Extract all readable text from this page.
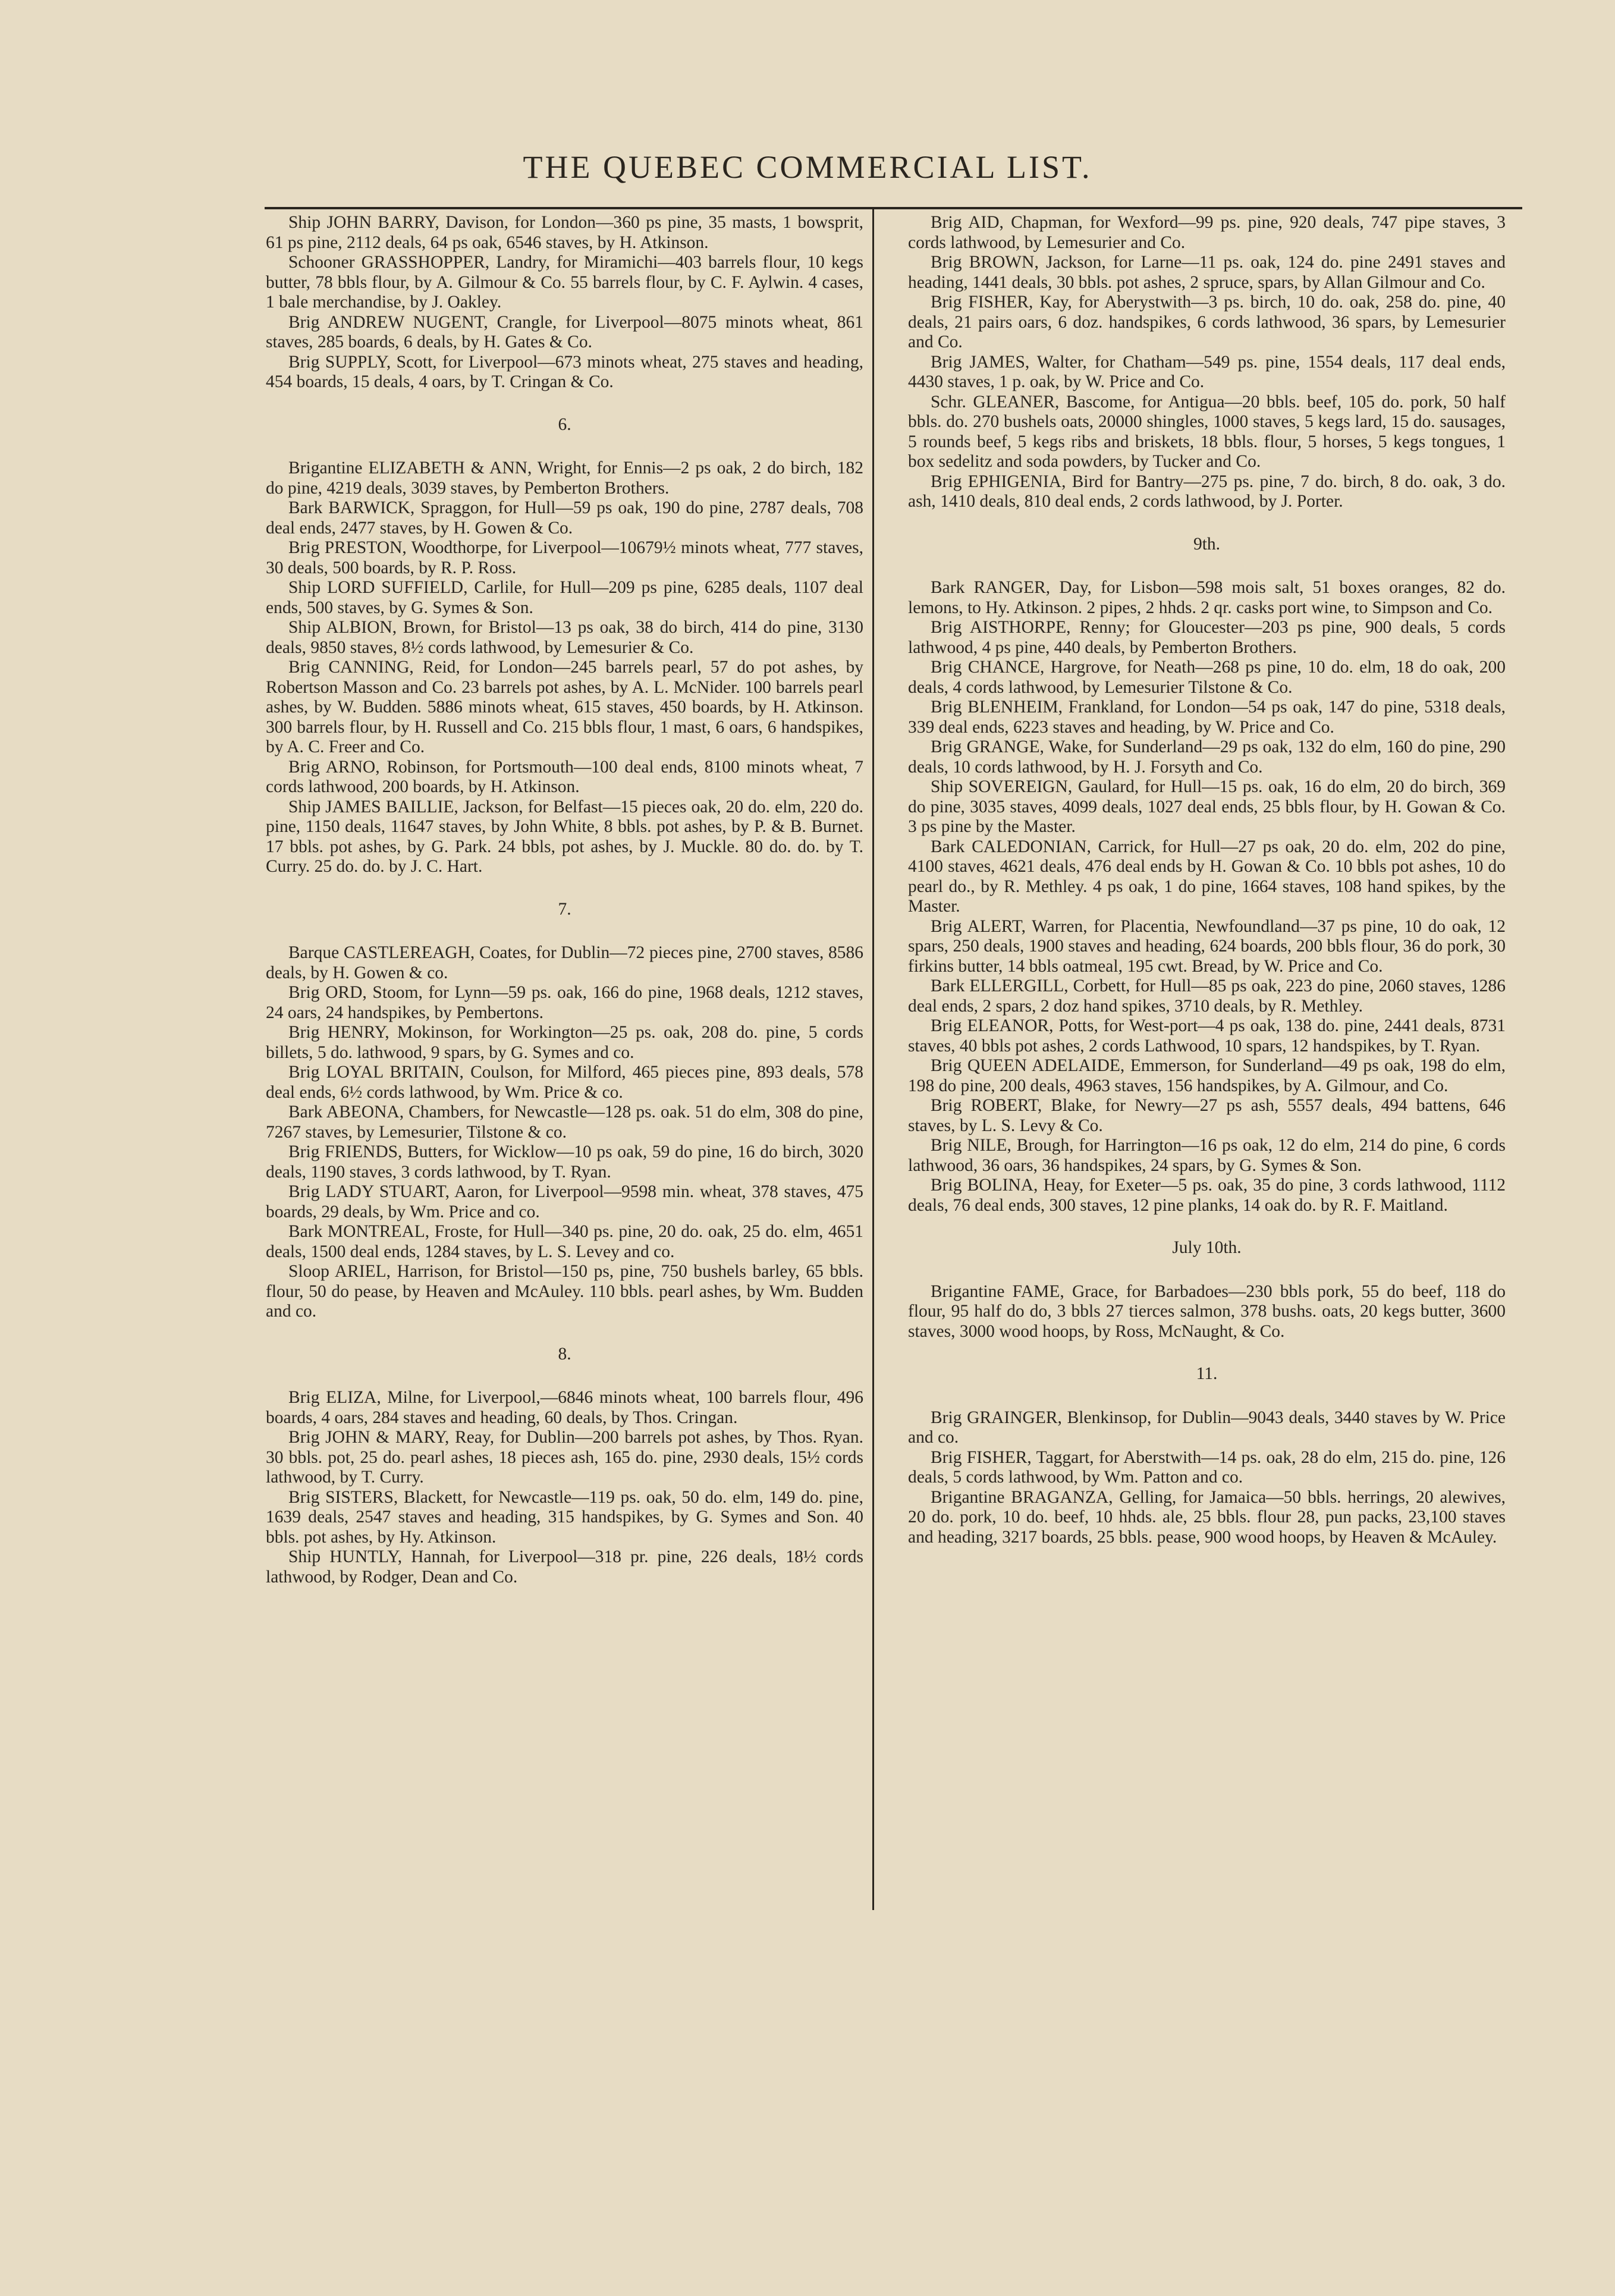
THE QUEBEC COMMERCIAL LIST.

Ship JOHN BARRY, Davison, for London—360 ps pine, 35 masts, 1 bowsprit, 61 ps pine, 2112 deals, 64 ps oak, 6546 staves, by H. Atkinson.

Schooner GRASSHOPPER, Landry, for Miramichi—403 barrels flour, 10 kegs butter, 78 bbls flour, by A. Gilmour & Co. 55 barrels flour, by C. F. Aylwin. 4 cases, 1 bale merchandise, by J. Oakley.

Brig ANDREW NUGENT, Crangle, for Liverpool—8075 minots wheat, 861 staves, 285 boards, 6 deals, by H. Gates & Co.

Brig SUPPLY, Scott, for Liverpool—673 minots wheat, 275 staves and heading, 454 boards, 15 deals, 4 oars, by T. Cringan & Co.

6.

Brigantine ELIZABETH & ANN, Wright, for Ennis—2 ps oak, 2 do birch, 182 do pine, 4219 deals, 3039 staves, by Pemberton Brothers.

Bark BARWICK, Spraggon, for Hull—59 ps oak, 190 do pine, 2787 deals, 708 deal ends, 2477 staves, by H. Gowen & Co.

Brig PRESTON, Woodthorpe, for Liverpool—10679½ minots wheat, 777 staves, 30 deals, 500 boards, by R. P. Ross.

Ship LORD SUFFIELD, Carlile, for Hull—209 ps pine, 6285 deals, 1107 deal ends, 500 staves, by G. Symes & Son.

Ship ALBION, Brown, for Bristol—13 ps oak, 38 do birch, 414 do pine, 3130 deals, 9850 staves, 8½ cords lathwood, by Lemesurier & Co.

Brig CANNING, Reid, for London—245 barrels pearl, 57 do pot ashes, by Robertson Masson and Co. 23 barrels pot ashes, by A. L. McNider. 100 barrels pearl ashes, by W. Budden. 5886 minots wheat, 615 staves, 450 boards, by H. Atkinson. 300 barrels flour, by H. Russell and Co. 215 bbls flour, 1 mast, 6 oars, 6 handspikes, by A. C. Freer and Co.

Brig ARNO, Robinson, for Portsmouth—100 deal ends, 8100 minots wheat, 7 cords lathwood, 200 boards, by H. Atkinson.

Ship JAMES BAILLIE, Jackson, for Belfast—15 pieces oak, 20 do. elm, 220 do. pine, 1150 deals, 11647 staves, by John White, 8 bbls. pot ashes, by P. & B. Burnet. 17 bbls. pot ashes, by G. Park. 24 bbls, pot ashes, by J. Muckle. 80 do. do. by T. Curry. 25 do. do. by J. C. Hart.

7.

Barque CASTLEREAGH, Coates, for Dublin—72 pieces pine, 2700 staves, 8586 deals, by H. Gowen & co.

Brig ORD, Stoom, for Lynn—59 ps. oak, 166 do pine, 1968 deals, 1212 staves, 24 oars, 24 handspikes, by Pembertons.

Brig HENRY, Mokinson, for Workington—25 ps. oak, 208 do. pine, 5 cords billets, 5 do. lathwood, 9 spars, by G. Symes and co.

Brig LOYAL BRITAIN, Coulson, for Milford, 465 pieces pine, 893 deals, 578 deal ends, 6½ cords lathwood, by Wm. Price & co.

Bark ABEONA, Chambers, for Newcastle—128 ps. oak. 51 do elm, 308 do pine, 7267 staves, by Lemesurier, Tilstone & co.

Brig FRIENDS, Butters, for Wicklow—10 ps oak, 59 do pine, 16 do birch, 3020 deals, 1190 staves, 3 cords lathwood, by T. Ryan.

Brig LADY STUART, Aaron, for Liverpool—9598 min. wheat, 378 staves, 475 boards, 29 deals, by Wm. Price and co.

Bark MONTREAL, Froste, for Hull—340 ps. pine, 20 do. oak, 25 do. elm, 4651 deals, 1500 deal ends, 1284 staves, by L. S. Levey and co.

Sloop ARIEL, Harrison, for Bristol—150 ps, pine, 750 bushels barley, 65 bbls. flour, 50 do pease, by Heaven and McAuley. 110 bbls. pearl ashes, by Wm. Budden and co.

8.

Brig ELIZA, Milne, for Liverpool,—6846 minots wheat, 100 barrels flour, 496 boards, 4 oars, 284 staves and heading, 60 deals, by Thos. Cringan.

Brig JOHN & MARY, Reay, for Dublin—200 barrels pot ashes, by Thos. Ryan. 30 bbls. pot, 25 do. pearl ashes, 18 pieces ash, 165 do. pine, 2930 deals, 15½ cords lathwood, by T. Curry.

Brig SISTERS, Blackett, for Newcastle—119 ps. oak, 50 do. elm, 149 do. pine, 1639 deals, 2547 staves and heading, 315 handspikes, by G. Symes and Son. 40 bbls. pot ashes, by Hy. Atkinson.

Ship HUNTLY, Hannah, for Liverpool—318 pr. pine, 226 deals, 18½ cords lathwood, by Rodger, Dean and Co.

Brig AID, Chapman, for Wexford—99 ps. pine, 920 deals, 747 pipe staves, 3 cords lathwood, by Lemesurier and Co.

Brig BROWN, Jackson, for Larne—11 ps. oak, 124 do. pine 2491 staves and heading, 1441 deals, 30 bbls. pot ashes, 2 spruce, spars, by Allan Gilmour and Co.

Brig FISHER, Kay, for Aberystwith—3 ps. birch, 10 do. oak, 258 do. pine, 40 deals, 21 pairs oars, 6 doz. handspikes, 6 cords lathwood, 36 spars, by Lemesurier and Co.

Brig JAMES, Walter, for Chatham—549 ps. pine, 1554 deals, 117 deal ends, 4430 staves, 1 p. oak, by W. Price and Co.

Schr. GLEANER, Bascome, for Antigua—20 bbls. beef, 105 do. pork, 50 half bbls. do. 270 bushels oats, 20000 shingles, 1000 staves, 5 kegs lard, 15 do. sausages, 5 rounds beef, 5 kegs ribs and briskets, 18 bbls. flour, 5 horses, 5 kegs tongues, 1 box sedelitz and soda powders, by Tucker and Co.

Brig EPHIGENIA, Bird for Bantry—275 ps. pine, 7 do. birch, 8 do. oak, 3 do. ash, 1410 deals, 810 deal ends, 2 cords lathwood, by J. Porter.

9th.

Bark RANGER, Day, for Lisbon—598 mois salt, 51 boxes oranges, 82 do. lemons, to Hy. Atkinson. 2 pipes, 2 hhds. 2 qr. casks port wine, to Simpson and Co.

Brig AISTHORPE, Renny; for Gloucester—203 ps pine, 900 deals, 5 cords lathwood, 4 ps pine, 440 deals, by Pemberton Brothers.

Brig CHANCE, Hargrove, for Neath—268 ps pine, 10 do. elm, 18 do oak, 200 deals, 4 cords lathwood, by Lemesurier Tilstone & Co.

Brig BLENHEIM, Frankland, for London—54 ps oak, 147 do pine, 5318 deals, 339 deal ends, 6223 staves and heading, by W. Price and Co.

Brig GRANGE, Wake, for Sunderland—29 ps oak, 132 do elm, 160 do pine, 290 deals, 10 cords lathwood, by H. J. Forsyth and Co.

Ship SOVEREIGN, Gaulard, for Hull—15 ps. oak, 16 do elm, 20 do birch, 369 do pine, 3035 staves, 4099 deals, 1027 deal ends, 25 bbls flour, by H. Gowan & Co. 3 ps pine by the Master.

Bark CALEDONIAN, Carrick, for Hull—27 ps oak, 20 do. elm, 202 do pine, 4100 staves, 4621 deals, 476 deal ends by H. Gowan & Co. 10 bbls pot ashes, 10 do pearl do., by R. Methley. 4 ps oak, 1 do pine, 1664 staves, 108 hand spikes, by the Master.

Brig ALERT, Warren, for Placentia, Newfoundland—37 ps pine, 10 do oak, 12 spars, 250 deals, 1900 staves and heading, 624 boards, 200 bbls flour, 36 do pork, 30 firkins butter, 14 bbls oatmeal, 195 cwt. Bread, by W. Price and Co.

Bark ELLERGILL, Corbett, for Hull—85 ps oak, 223 do pine, 2060 staves, 1286 deal ends, 2 spars, 2 doz hand spikes, 3710 deals, by R. Methley.

Brig ELEANOR, Potts, for West-port—4 ps oak, 138 do. pine, 2441 deals, 8731 staves, 40 bbls pot ashes, 2 cords Lathwood, 10 spars, 12 handspikes, by T. Ryan.

Brig QUEEN ADELAIDE, Emmerson, for Sunderland—49 ps oak, 198 do elm, 198 do pine, 200 deals, 4963 staves, 156 handspikes, by A. Gilmour, and Co.

Brig ROBERT, Blake, for Newry—27 ps ash, 5557 deals, 494 battens, 646 staves, by L. S. Levy & Co.

Brig NILE, Brough, for Harrington—16 ps oak, 12 do elm, 214 do pine, 6 cords lathwood, 36 oars, 36 handspikes, 24 spars, by G. Symes & Son.

Brig BOLINA, Heay, for Exeter—5 ps. oak, 35 do pine, 3 cords lathwood, 1112 deals, 76 deal ends, 300 staves, 12 pine planks, 14 oak do. by R. F. Maitland.

July 10th.

Brigantine FAME, Grace, for Barbadoes—230 bbls pork, 55 do beef, 118 do flour, 95 half do do, 3 bbls 27 tierces salmon, 378 bushs. oats, 20 kegs butter, 3600 staves, 3000 wood hoops, by Ross, McNaught, & Co.

11.

Brig GRAINGER, Blenkinsop, for Dublin—9043 deals, 3440 staves by W. Price and co.

Brig FISHER, Taggart, for Aberstwith—14 ps. oak, 28 do elm, 215 do. pine, 126 deals, 5 cords lathwood, by Wm. Patton and co.

Brigantine BRAGANZA, Gelling, for Jamaica—50 bbls. herrings, 20 alewives, 20 do. pork, 10 do. beef, 10 hhds. ale, 25 bbls. flour 28, pun packs, 23,100 staves and heading, 3217 boards, 25 bbls. pease, 900 wood hoops, by Heaven & McAuley.
